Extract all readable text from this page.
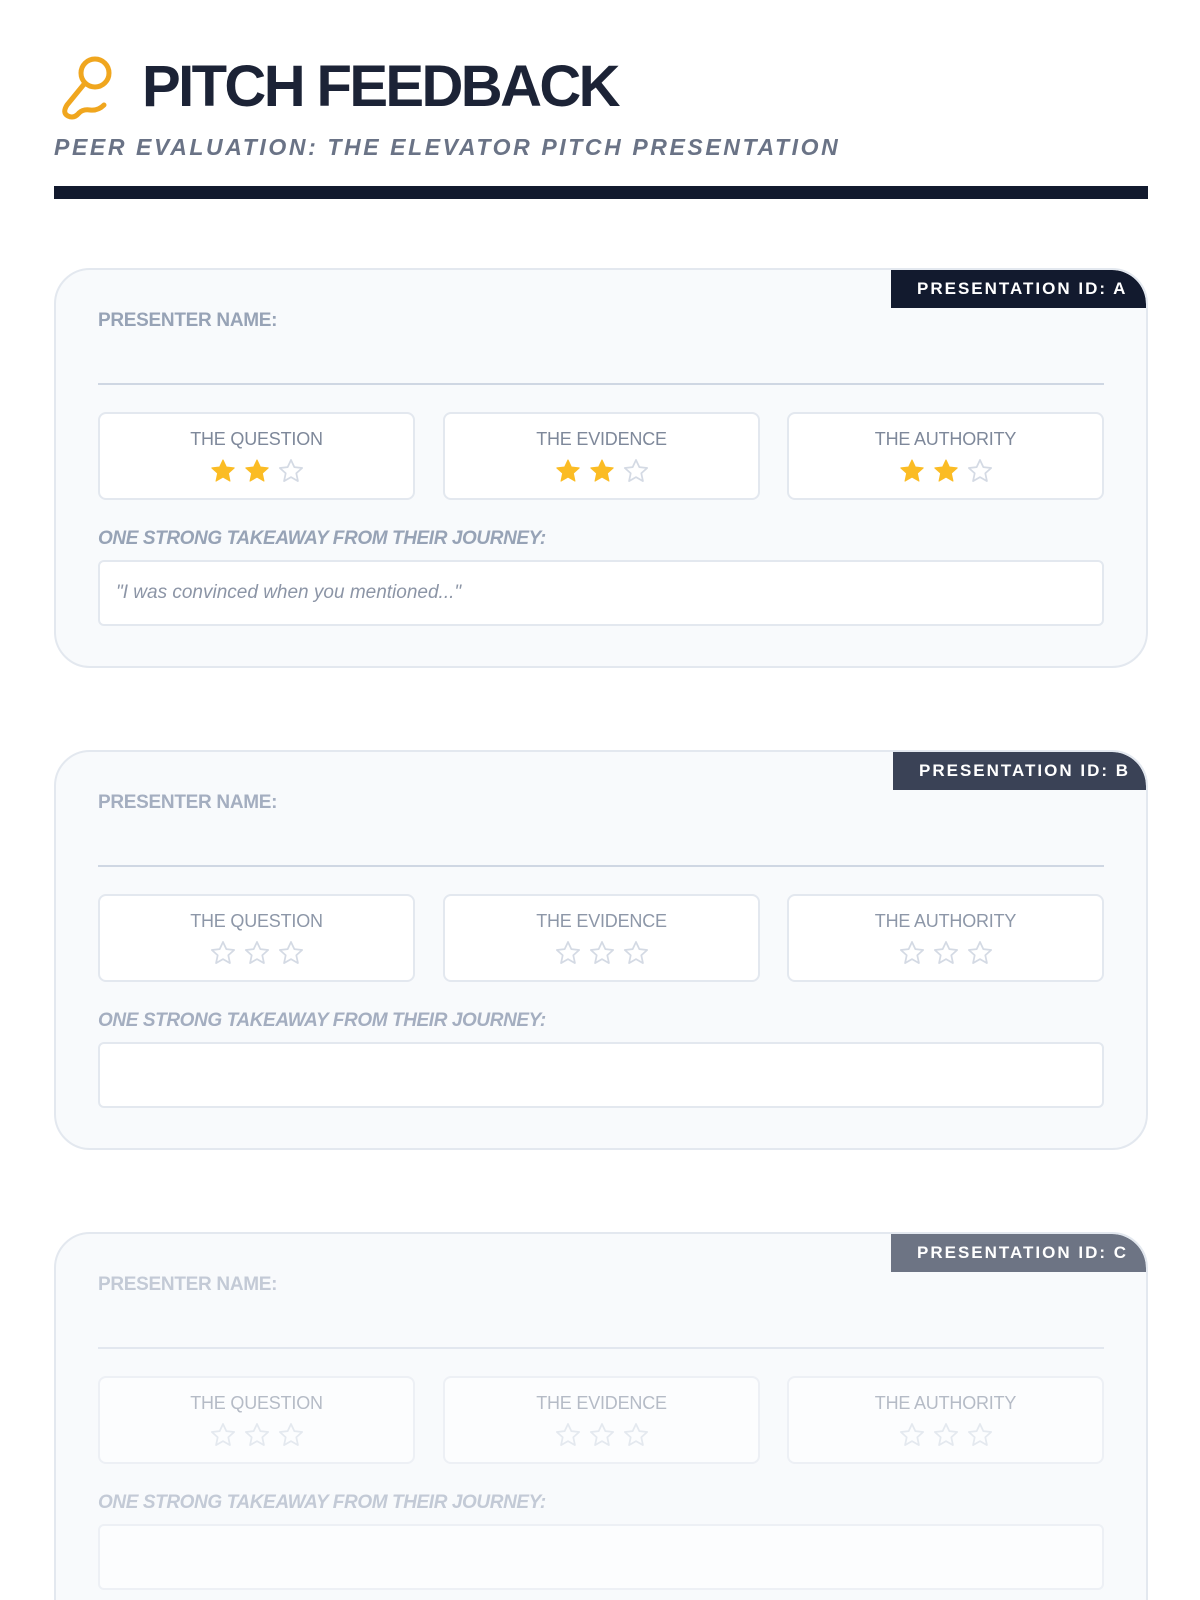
PITCH FEEDBACK
PEER EVALUATION: THE ELEVATOR PITCH PRESENTATION
PRESENTATION ID: A
PRESENTER NAME:
THE QUESTION	THE EVIDENCE	THE AUTHORITY
ONE STRONG TAKEAWAY FROM THEIR JOURNEY:
"I was convinced when you mentioned..."
PRESENTATION ID: B
PRESENTER NAME:
THE QUESTION	THE EVIDENCE	THE AUTHORITY
ONE STRONG TAKEAWAY FROM THEIR JOURNEY:
PRESENTATION ID: C
PRESENTER NAME:
THE QUESTION	THE EVIDENCE	THE AUTHORITY
ONE STRONG TAKEAWAY FROM THEIR JOURNEY:
